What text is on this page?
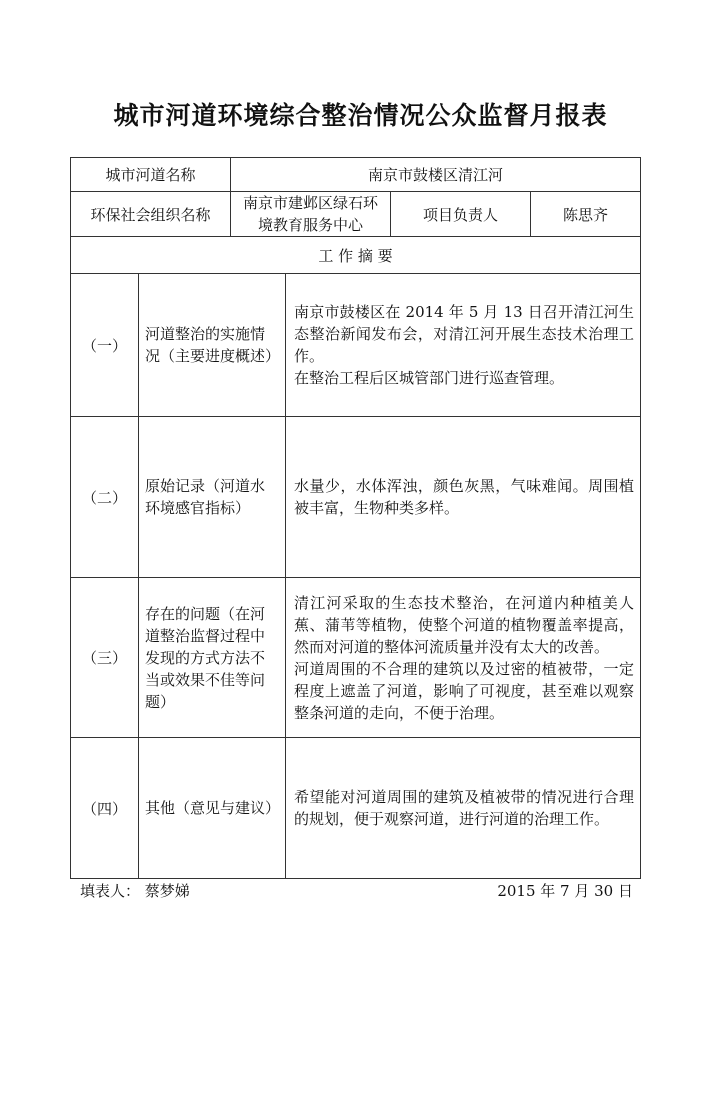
城市河道环境综合整治情况公众监督月报表
城市河道名称		南京市鼓楼区清江河			
环保社会组织名称		南京市建邺区绿石环境教育服务中心		项目负责人	陈思齐
工 作 摘 要					
（一）	河道整治的实施情况（主要进度概述）		南京市鼓楼区在 2014 年 5 月 13 日召开清江河生态整治新闻发布会，对清江河开展生态技术治理工作。
在整治工程后区城管部门进行巡查管理。		

（二）	原始记录（河道水环境感官指标）		水量少，水体浑浊，颜色灰黑，气味难闻。周围植被丰富，生物种类多样。		

（三）	存在的问题（在河道整治监督过程中发现的方式方法不当或效果不佳等问题）		清江河采取的生态技术整治，在河道内种植美人蕉、蒲苇等植物，使整个河道的植物覆盖率提高，然而对河道的整体河流质量并没有太大的改善。
河道周围的不合理的建筑以及过密的植被带，一定程度上遮盖了河道，影响了可视度，甚至难以观察整条河道的走向，不便于治理。		

（四）	其他（意见与建议）		希望能对河道周围的建筑及植被带的情况进行合理的规划，便于观察河道，进行河道的治理工作。		
填表人： 蔡梦娣	2015 年 7 月 30 日
